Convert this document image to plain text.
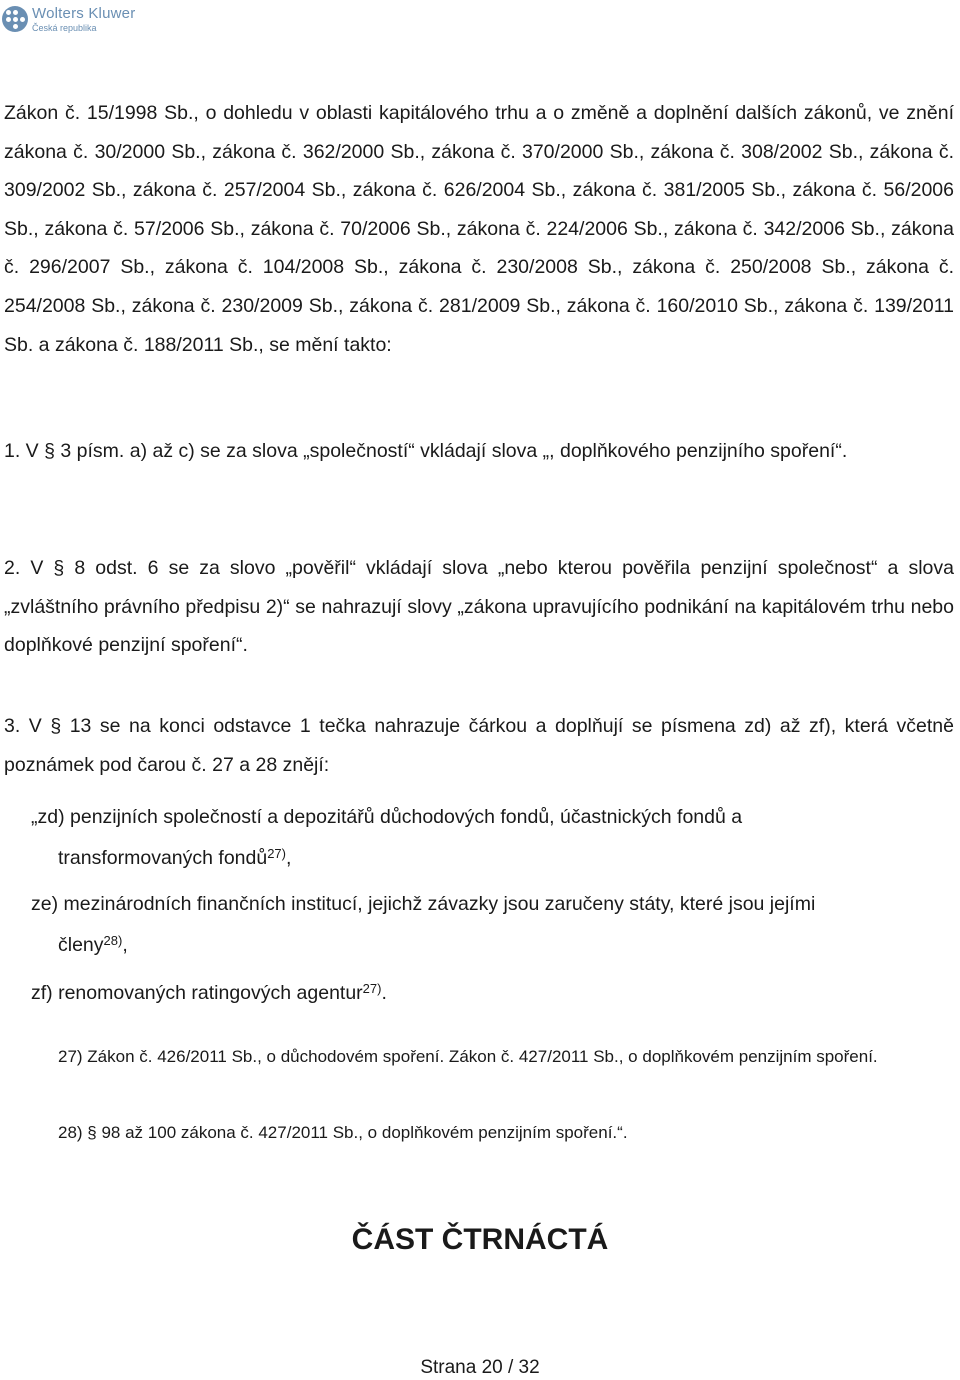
Wolters Kluwer
Česká republika

Zákon č. 15/1998 Sb., o dohledu v oblasti kapitálového trhu a o změně a doplnění dalších zákonů, ve znění zákona č. 30/2000 Sb., zákona č. 362/2000 Sb., zákona č. 370/2000 Sb., zákona č. 308/2002 Sb., zákona č. 309/2002 Sb., zákona č. 257/2004 Sb., zákona č. 626/2004 Sb., zákona č. 381/2005 Sb., zákona č. 56/2006 Sb., zákona č. 57/2006 Sb., zákona č. 70/2006 Sb., zákona č. 224/2006 Sb., zákona č. 342/2006 Sb., zákona č. 296/2007 Sb., zákona č. 104/2008 Sb., zákona č. 230/2008 Sb., zákona č. 250/2008 Sb., zákona č. 254/2008 Sb., zákona č. 230/2009 Sb., zákona č. 281/2009 Sb., zákona č. 160/2010 Sb., zákona č. 139/2011 Sb. a zákona č. 188/2011 Sb., se mění takto:

1. V § 3 písm. a) až c) se za slova „společností“ vkládají slova „, doplňkového penzijního spoření“.

2. V § 8 odst. 6 se za slovo „pověřil“ vkládají slova „nebo kterou pověřila penzijní společnost“ a slova „zvláštního právního předpisu 2)“ se nahrazují slovy „zákona upravujícího podnikání na kapitálovém trhu nebo doplňkové penzijní spoření“.

3. V § 13 se na konci odstavce 1 tečka nahrazuje čárkou a doplňují se písmena zd) až zf), která včetně poznámek pod čarou č. 27 a 28 znějí:

„zd) penzijních společností a depozitářů důchodových fondů, účastnických fondů a
transformovaných fondů$^{27)}$,

ze) mezinárodních finančních institucí, jejichž závazky jsou zaručeny státy, které jsou jejími
členy$^{28)}$,

zf) renomovaných ratingových agentur$^{27)}$.

27) Zákon č. 426/2011 Sb., o důchodovém spoření. Zákon č. 427/2011 Sb., o doplňkovém penzijním spoření.

28) § 98 až 100 zákona č. 427/2011 Sb., o doplňkovém penzijním spoření.“.

ČÁST ČTRNÁCTÁ

Strana 20 / 32
